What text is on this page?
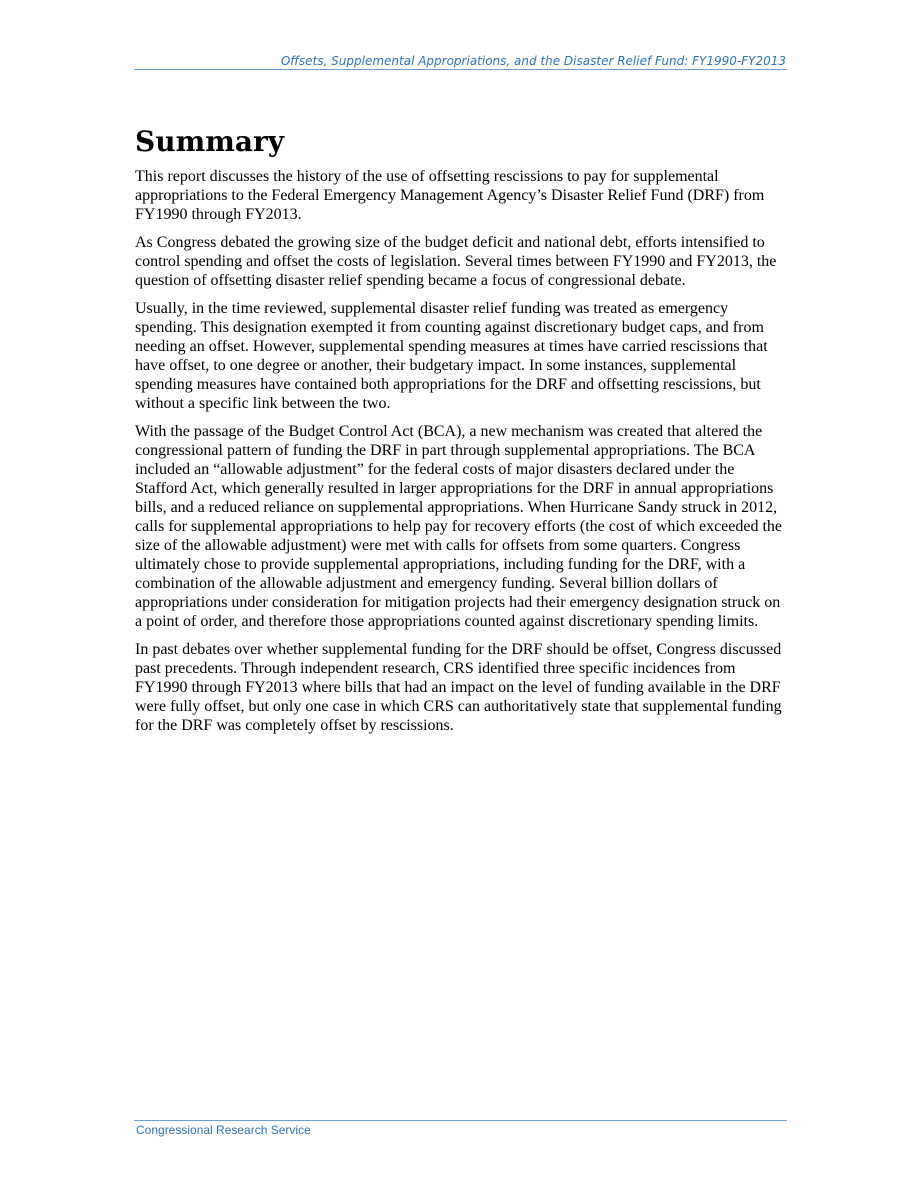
Offsets, Supplemental Appropriations, and the Disaster Relief Fund: FY1990-FY2013
Summary

This report discusses the history of the use of offsetting rescissions to pay for supplemental appropriations to the Federal Emergency Management Agency’s Disaster Relief Fund (DRF) from FY1990 through FY2013.

As Congress debated the growing size of the budget deficit and national debt, efforts intensified to control spending and offset the costs of legislation. Several times between FY1990 and FY2013, the question of offsetting disaster relief spending became a focus of congressional debate.

Usually, in the time reviewed, supplemental disaster relief funding was treated as emergency spending. This designation exempted it from counting against discretionary budget caps, and from needing an offset. However, supplemental spending measures at times have carried rescissions that have offset, to one degree or another, their budgetary impact. In some instances, supplemental spending measures have contained both appropriations for the DRF and offsetting rescissions, but without a specific link between the two.

With the passage of the Budget Control Act (BCA), a new mechanism was created that altered the congressional pattern of funding the DRF in part through supplemental appropriations. The BCA included an “allowable adjustment” for the federal costs of major disasters declared under the Stafford Act, which generally resulted in larger appropriations for the DRF in annual appropriations bills, and a reduced reliance on supplemental appropriations. When Hurricane Sandy struck in 2012, calls for supplemental appropriations to help pay for recovery efforts (the cost of which exceeded the size of the allowable adjustment) were met with calls for offsets from some quarters. Congress ultimately chose to provide supplemental appropriations, including funding for the DRF, with a combination of the allowable adjustment and emergency funding. Several billion dollars of appropriations under consideration for mitigation projects had their emergency designation struck on a point of order, and therefore those appropriations counted against discretionary spending limits.

In past debates over whether supplemental funding for the DRF should be offset, Congress discussed past precedents. Through independent research, CRS identified three specific incidences from FY1990 through FY2013 where bills that had an impact on the level of funding available in the DRF were fully offset, but only one case in which CRS can authoritatively state that supplemental funding for the DRF was completely offset by rescissions.

Congressional Research Service
